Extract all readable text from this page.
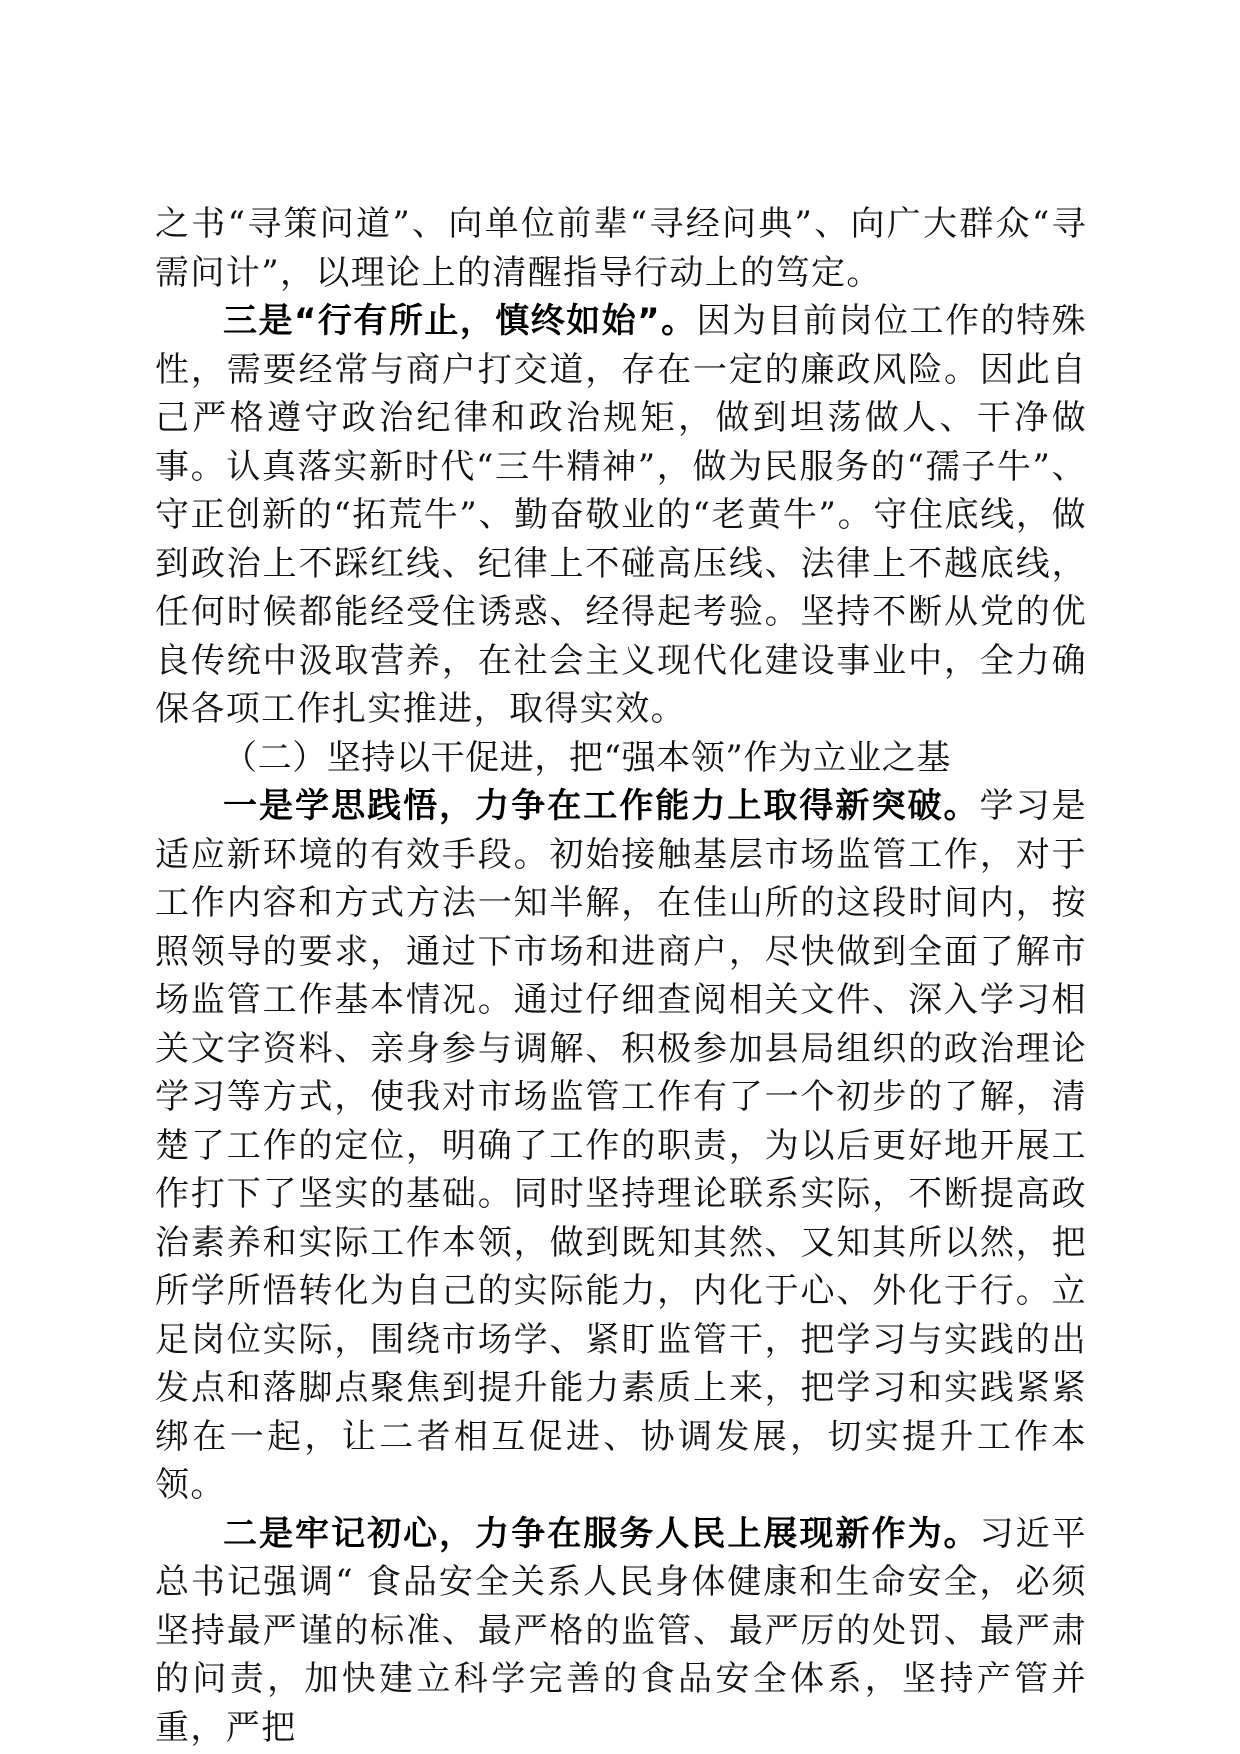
之书“寻策问道”、向单位前辈“寻经问典”、向广大群众“寻需问计”，以理论上的清醒指导行动上的笃定。

三是“行有所止，慎终如始”。因为目前岗位工作的特殊性，需要经常与商户打交道，存在一定的廉政风险。因此自己严格遵守政治纪律和政治规矩，做到坦荡做人、干净做事。认真落实新时代“三牛精神”，做为民服务的“孺子牛”、守正创新的“拓荒牛”、勤奋敬业的“老黄牛”。守住底线，做到政治上不踩红线、纪律上不碰高压线、法律上不越底线，任何时候都能经受住诱惑、经得起考验。坚持不断从党的优良传统中汲取营养，在社会主义现代化建设事业中，全力确保各项工作扎实推进，取得实效。

（二）坚持以干促进，把“强本领”作为立业之基

一是学思践悟，力争在工作能力上取得新突破。学习是适应新环境的有效手段。初始接触基层市场监管工作，对于工作内容和方式方法一知半解，在佳山所的这段时间内，按照领导的要求，通过下市场和进商户，尽快做到全面了解市场监管工作基本情况。通过仔细查阅相关文件、深入学习相关文字资料、亲身参与调解、积极参加县局组织的政治理论学习等方式，使我对市场监管工作有了一个初步的了解，清楚了工作的定位，明确了工作的职责，为以后更好地开展工作打下了坚实的基础。同时坚持理论联系实际，不断提高政治素养和实际工作本领，做到既知其然、又知其所以然，把所学所悟转化为自己的实际能力，内化于心、外化于行。立足岗位实际，围绕市场学、紧盯监管干，把学习与实践的出发点和落脚点聚焦到提升能力素质上来，把学习和实践紧紧绑在一起，让二者相互促进、协调发展，切实提升工作本领。

二是牢记初心，力争在服务人民上展现新作为。习近平总书记强调“ 食品安全关系人民身体健康和生命安全，必须坚持最严谨的标准、最严格的监管、最严厉的处罚、最严肃的问责，加快建立科学完善的食品安全体系，坚持产管并重，严把
